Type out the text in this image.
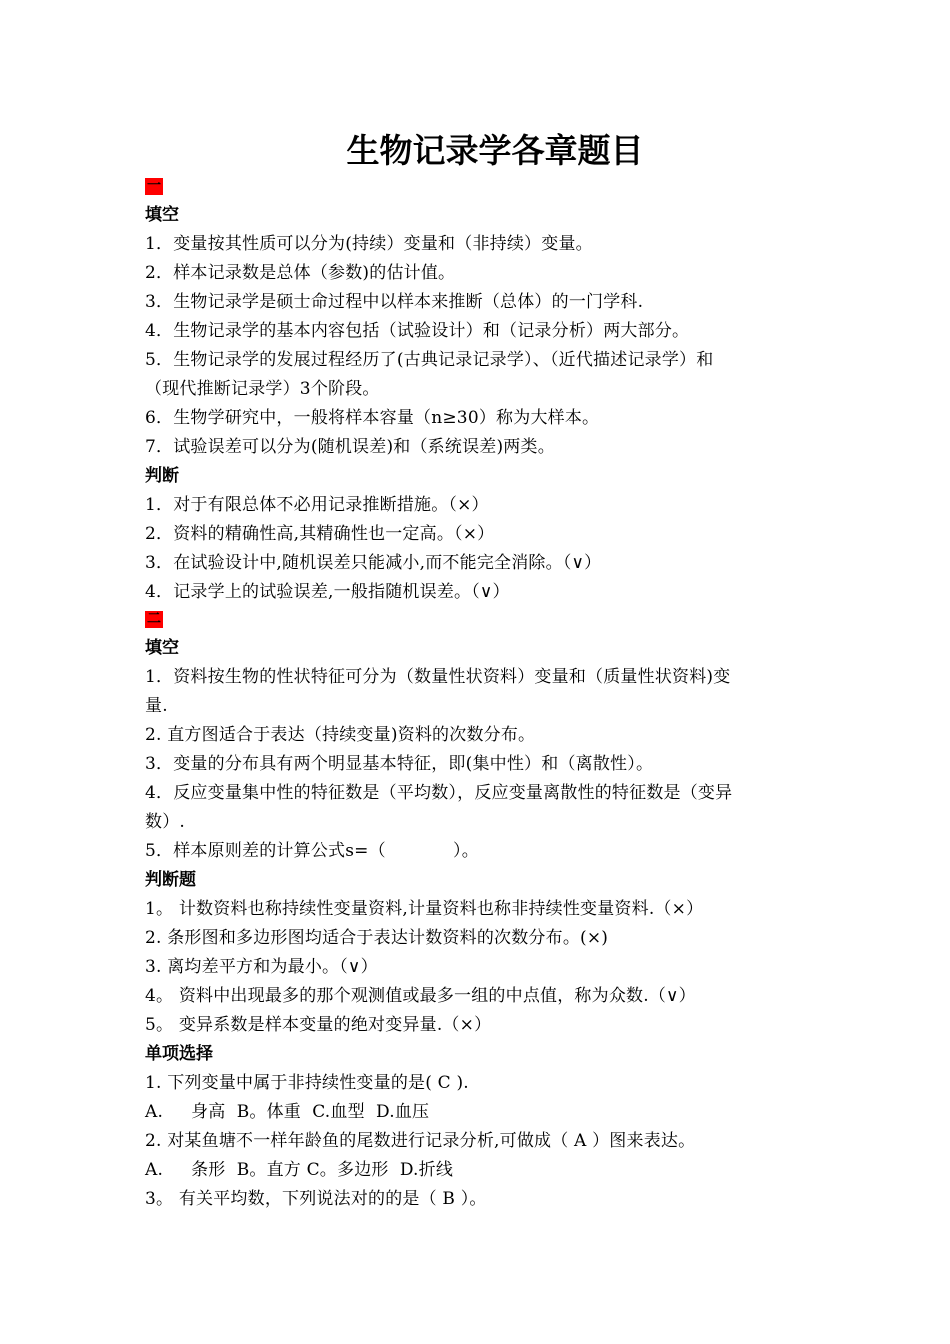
生物记录学各章题目
一
填空
1．变量按其性质可以分为(持续）变量和（非持续）变量。
2．样本记录数是总体（参数)的估计值。
3．生物记录学是硕士命过程中以样本来推断（总体）的一门学科.
4．生物记录学的基本内容包括（试验设计）和（记录分析）两大部分。
5．生物记录学的发展过程经历了(古典记录记录学）、（近代描述记录学）和
（现代推断记录学）3个阶段。
6．生物学研究中，一般将样本容量（n≥30）称为大样本。
7．试验误差可以分为(随机误差)和（系统误差)两类。
判断
1．对于有限总体不必用记录推断措施。（×）
2．资料的精确性高,其精确性也一定高。（×）
3．在试验设计中,随机误差只能减小,而不能完全消除。（∨）
4．记录学上的试验误差,一般指随机误差。（∨）
二
填空
1．资料按生物的性状特征可分为（数量性状资料）变量和（质量性状资料)变
量.
2. 直方图适合于表达（持续变量)资料的次数分布。
3．变量的分布具有两个明显基本特征，即(集中性）和（离散性）。
4．反应变量集中性的特征数是（平均数），反应变量离散性的特征数是（变异
数）.
5．样本原则差的计算公式s=（            ）。
判断题
1。 计数资料也称持续性变量资料,计量资料也称非持续性变量资料.（×）
2. 条形图和多边形图均适合于表达计数资料的次数分布。(×)
3. 离均差平方和为最小。（∨）
4。 资料中出现最多的那个观测值或最多一组的中点值，称为众数.（∨）
5。 变异系数是样本变量的绝对变异量.（×）
单项选择
1. 下列变量中属于非持续性变量的是( C ).
A.     身高  B。体重  C.血型  D.血压
2. 对某鱼塘不一样年龄鱼的尾数进行记录分析,可做成（ A ）图来表达。
A.     条形  B。直方 C。多边形  D.折线
3。 有关平均数，下列说法对的的是（ B ）。
